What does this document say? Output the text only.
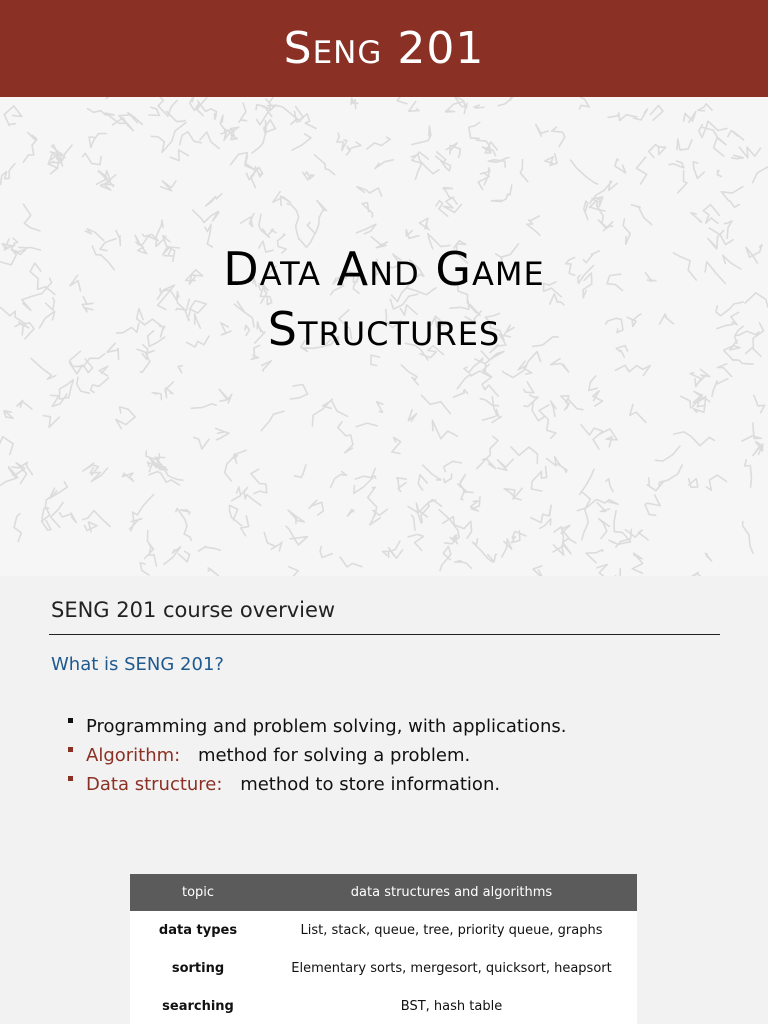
Seng 201
Data And Game
Structures
SENG 201 course overview
What is SENG 201?
Programming and problem solving, with applications.
Algorithm: method for solving a problem.
Data structure: method to store information.
topic	data structures and algorithms
data types	List, stack, queue, tree, priority queue, graphs
sorting	Elementary sorts, mergesort, quicksort, heapsort
searching	BST, hash table
